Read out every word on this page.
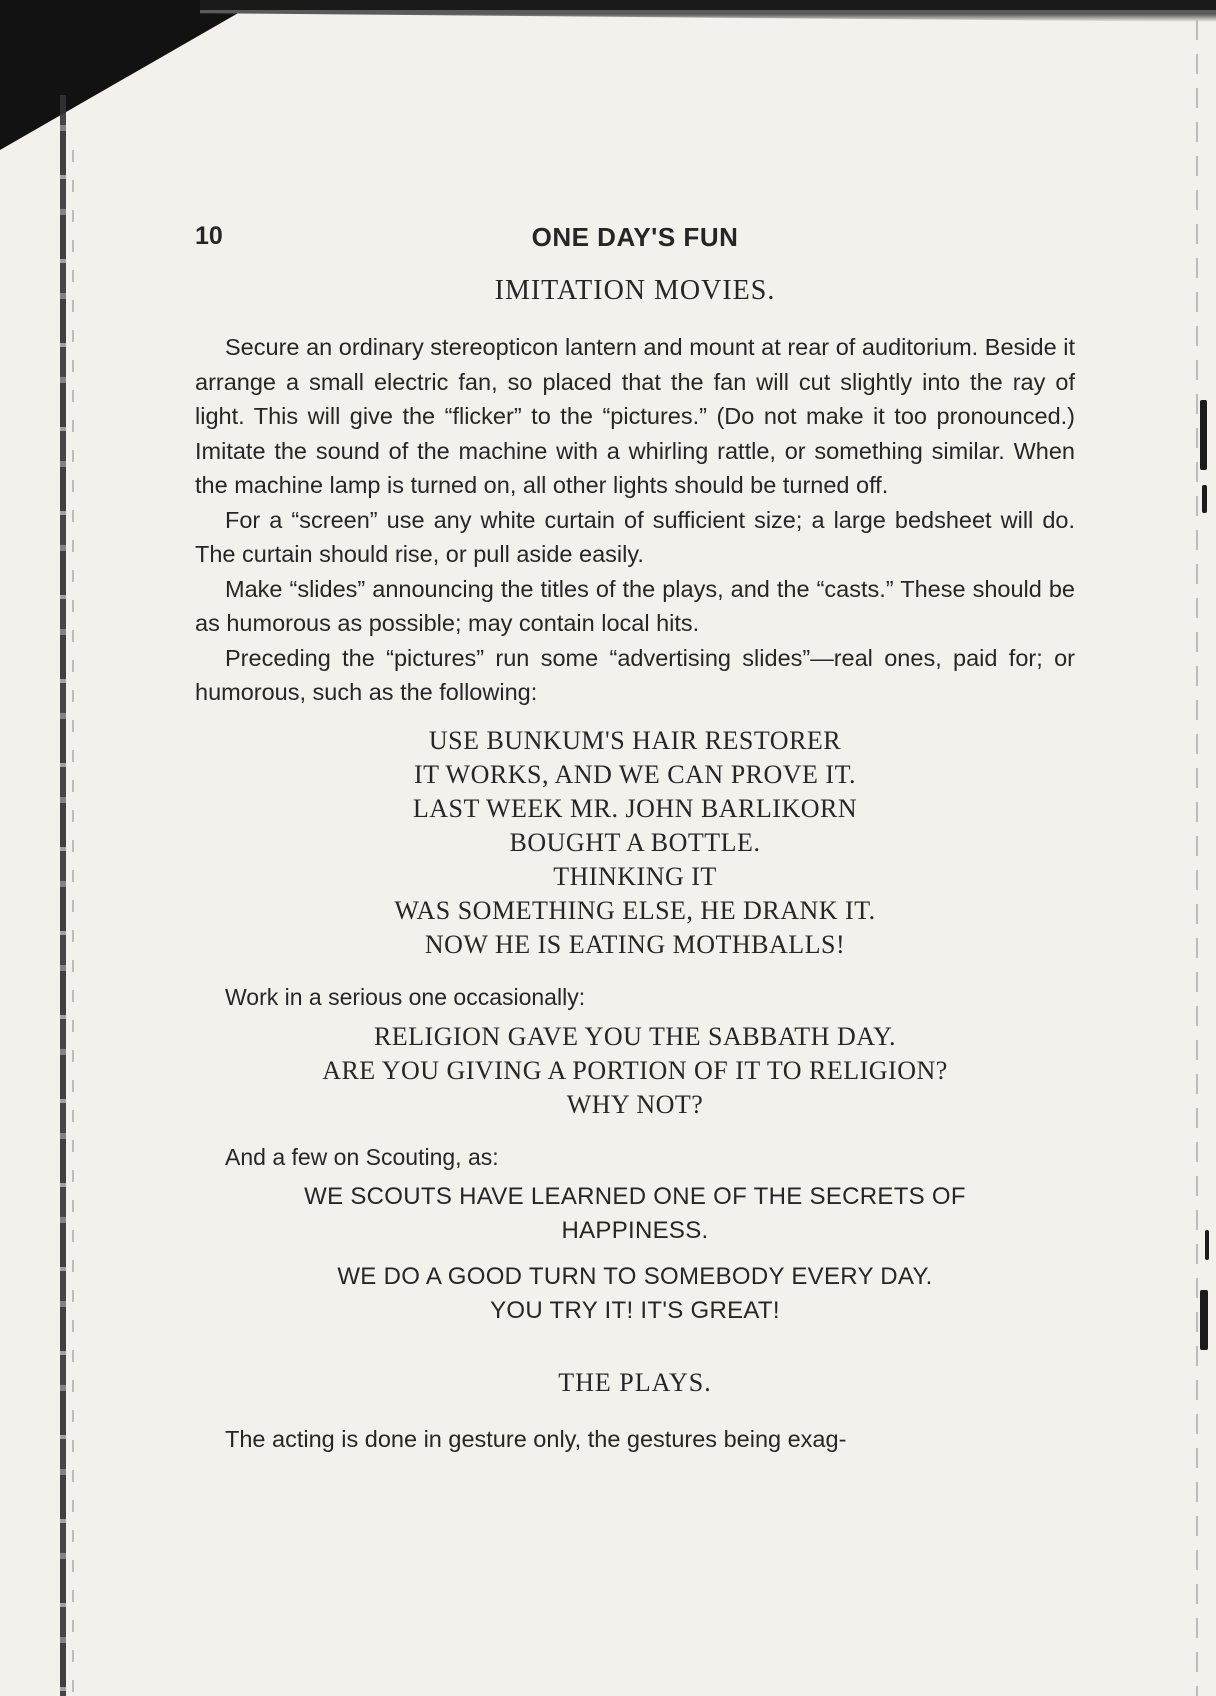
10	ONE DAY'S FUN
IMITATION MOVIES.

Secure an ordinary stereopticon lantern and mount at rear of auditorium. Beside it arrange a small electric fan, so placed that the fan will cut slightly into the ray of light. This will give the “flicker” to the “pictures.” (Do not make it too pronounced.) Imitate the sound of the machine with a whirling rattle, or something similar. When the machine lamp is turned on, all other lights should be turned off.

For a “screen” use any white curtain of sufficient size; a large bedsheet will do. The curtain should rise, or pull aside easily.

Make “slides” announcing the titles of the plays, and the “casts.” These should be as humorous as possible; may contain local hits.

Preceding the “pictures” run some “advertising slides”—real ones, paid for; or humorous, such as the following:

USE BUNKUM'S HAIR RESTORER

IT WORKS, AND WE CAN PROVE IT.

LAST WEEK MR. JOHN BARLIKORN

BOUGHT A BOTTLE.

THINKING IT

WAS SOMETHING ELSE, HE DRANK IT.

NOW HE IS EATING MOTHBALLS!

Work in a serious one occasionally:

RELIGION GAVE YOU THE SABBATH DAY.

ARE YOU GIVING A PORTION OF IT TO RELIGION?

WHY NOT?

And a few on Scouting, as:

WE SCOUTS HAVE LEARNED ONE OF THE SECRETS OF

HAPPINESS.

WE DO A GOOD TURN TO SOMEBODY EVERY DAY.

YOU TRY IT! IT'S GREAT!

THE PLAYS.

The acting is done in gesture only, the gestures being exag-
